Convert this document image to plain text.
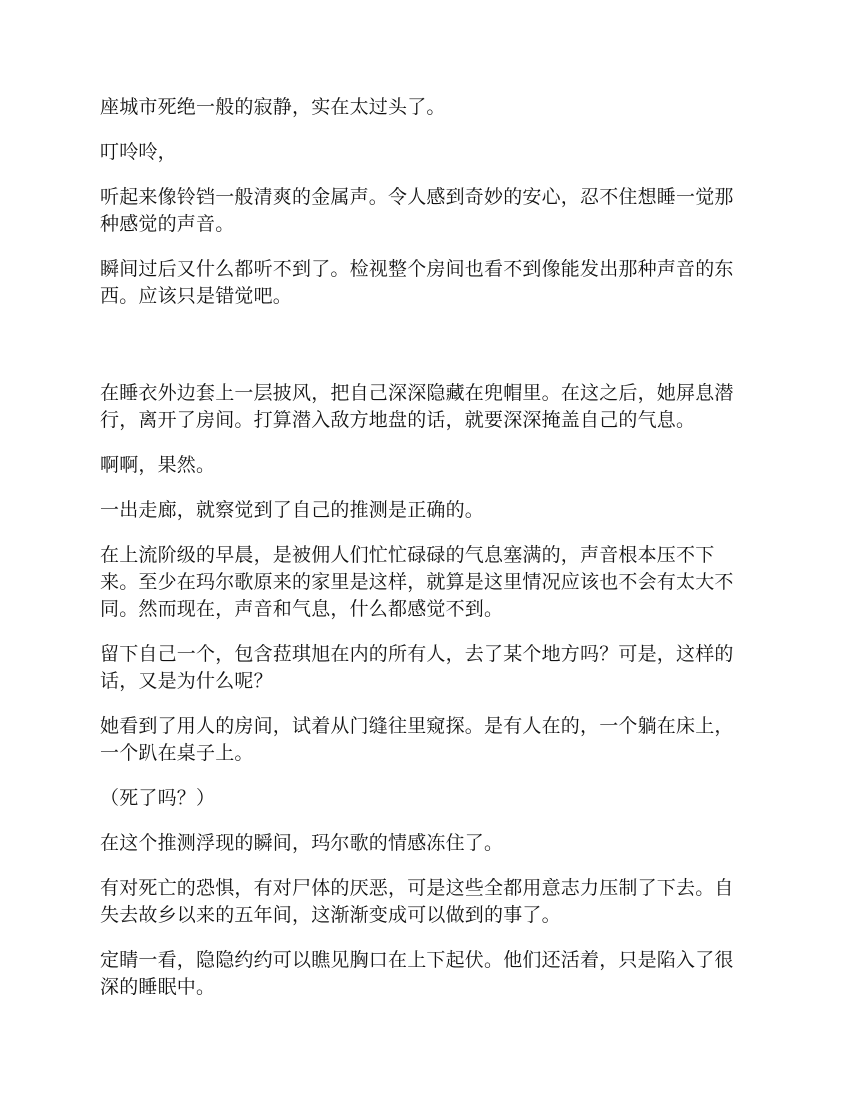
座城市死绝一般的寂静，实在太过头了。

叮呤呤，

听起来像铃铛一般清爽的金属声。令人感到奇妙的安心，忍不住想睡一觉那种感觉的声音。

瞬间过后又什么都听不到了。检视整个房间也看不到像能发出那种声音的东西。应该只是错觉吧。

在睡衣外边套上一层披风，把自己深深隐藏在兜帽里。在这之后，她屏息潜行，离开了房间。打算潜入敌方地盘的话，就要深深掩盖自己的气息。

啊啊，果然。

一出走廊，就察觉到了自己的推测是正确的。

在上流阶级的早晨，是被佣人们忙忙碌碌的气息塞满的，声音根本压不下来。至少在玛尔歌原来的家里是这样，就算是这里情况应该也不会有太大不同。然而现在，声音和气息，什么都感觉不到。

留下自己一个，包含菈琪旭在内的所有人，去了某个地方吗？可是，这样的话，又是为什么呢？

她看到了用人的房间，试着从门缝往里窥探。是有人在的，一个躺在床上，一个趴在桌子上。

（死了吗？）

在这个推测浮现的瞬间，玛尔歌的情感冻住了。

有对死亡的恐惧，有对尸体的厌恶，可是这些全都用意志力压制了下去。自失去故乡以来的五年间，这渐渐变成可以做到的事了。

定睛一看，隐隐约约可以瞧见胸口在上下起伏。他们还活着，只是陷入了很深的睡眠中。
